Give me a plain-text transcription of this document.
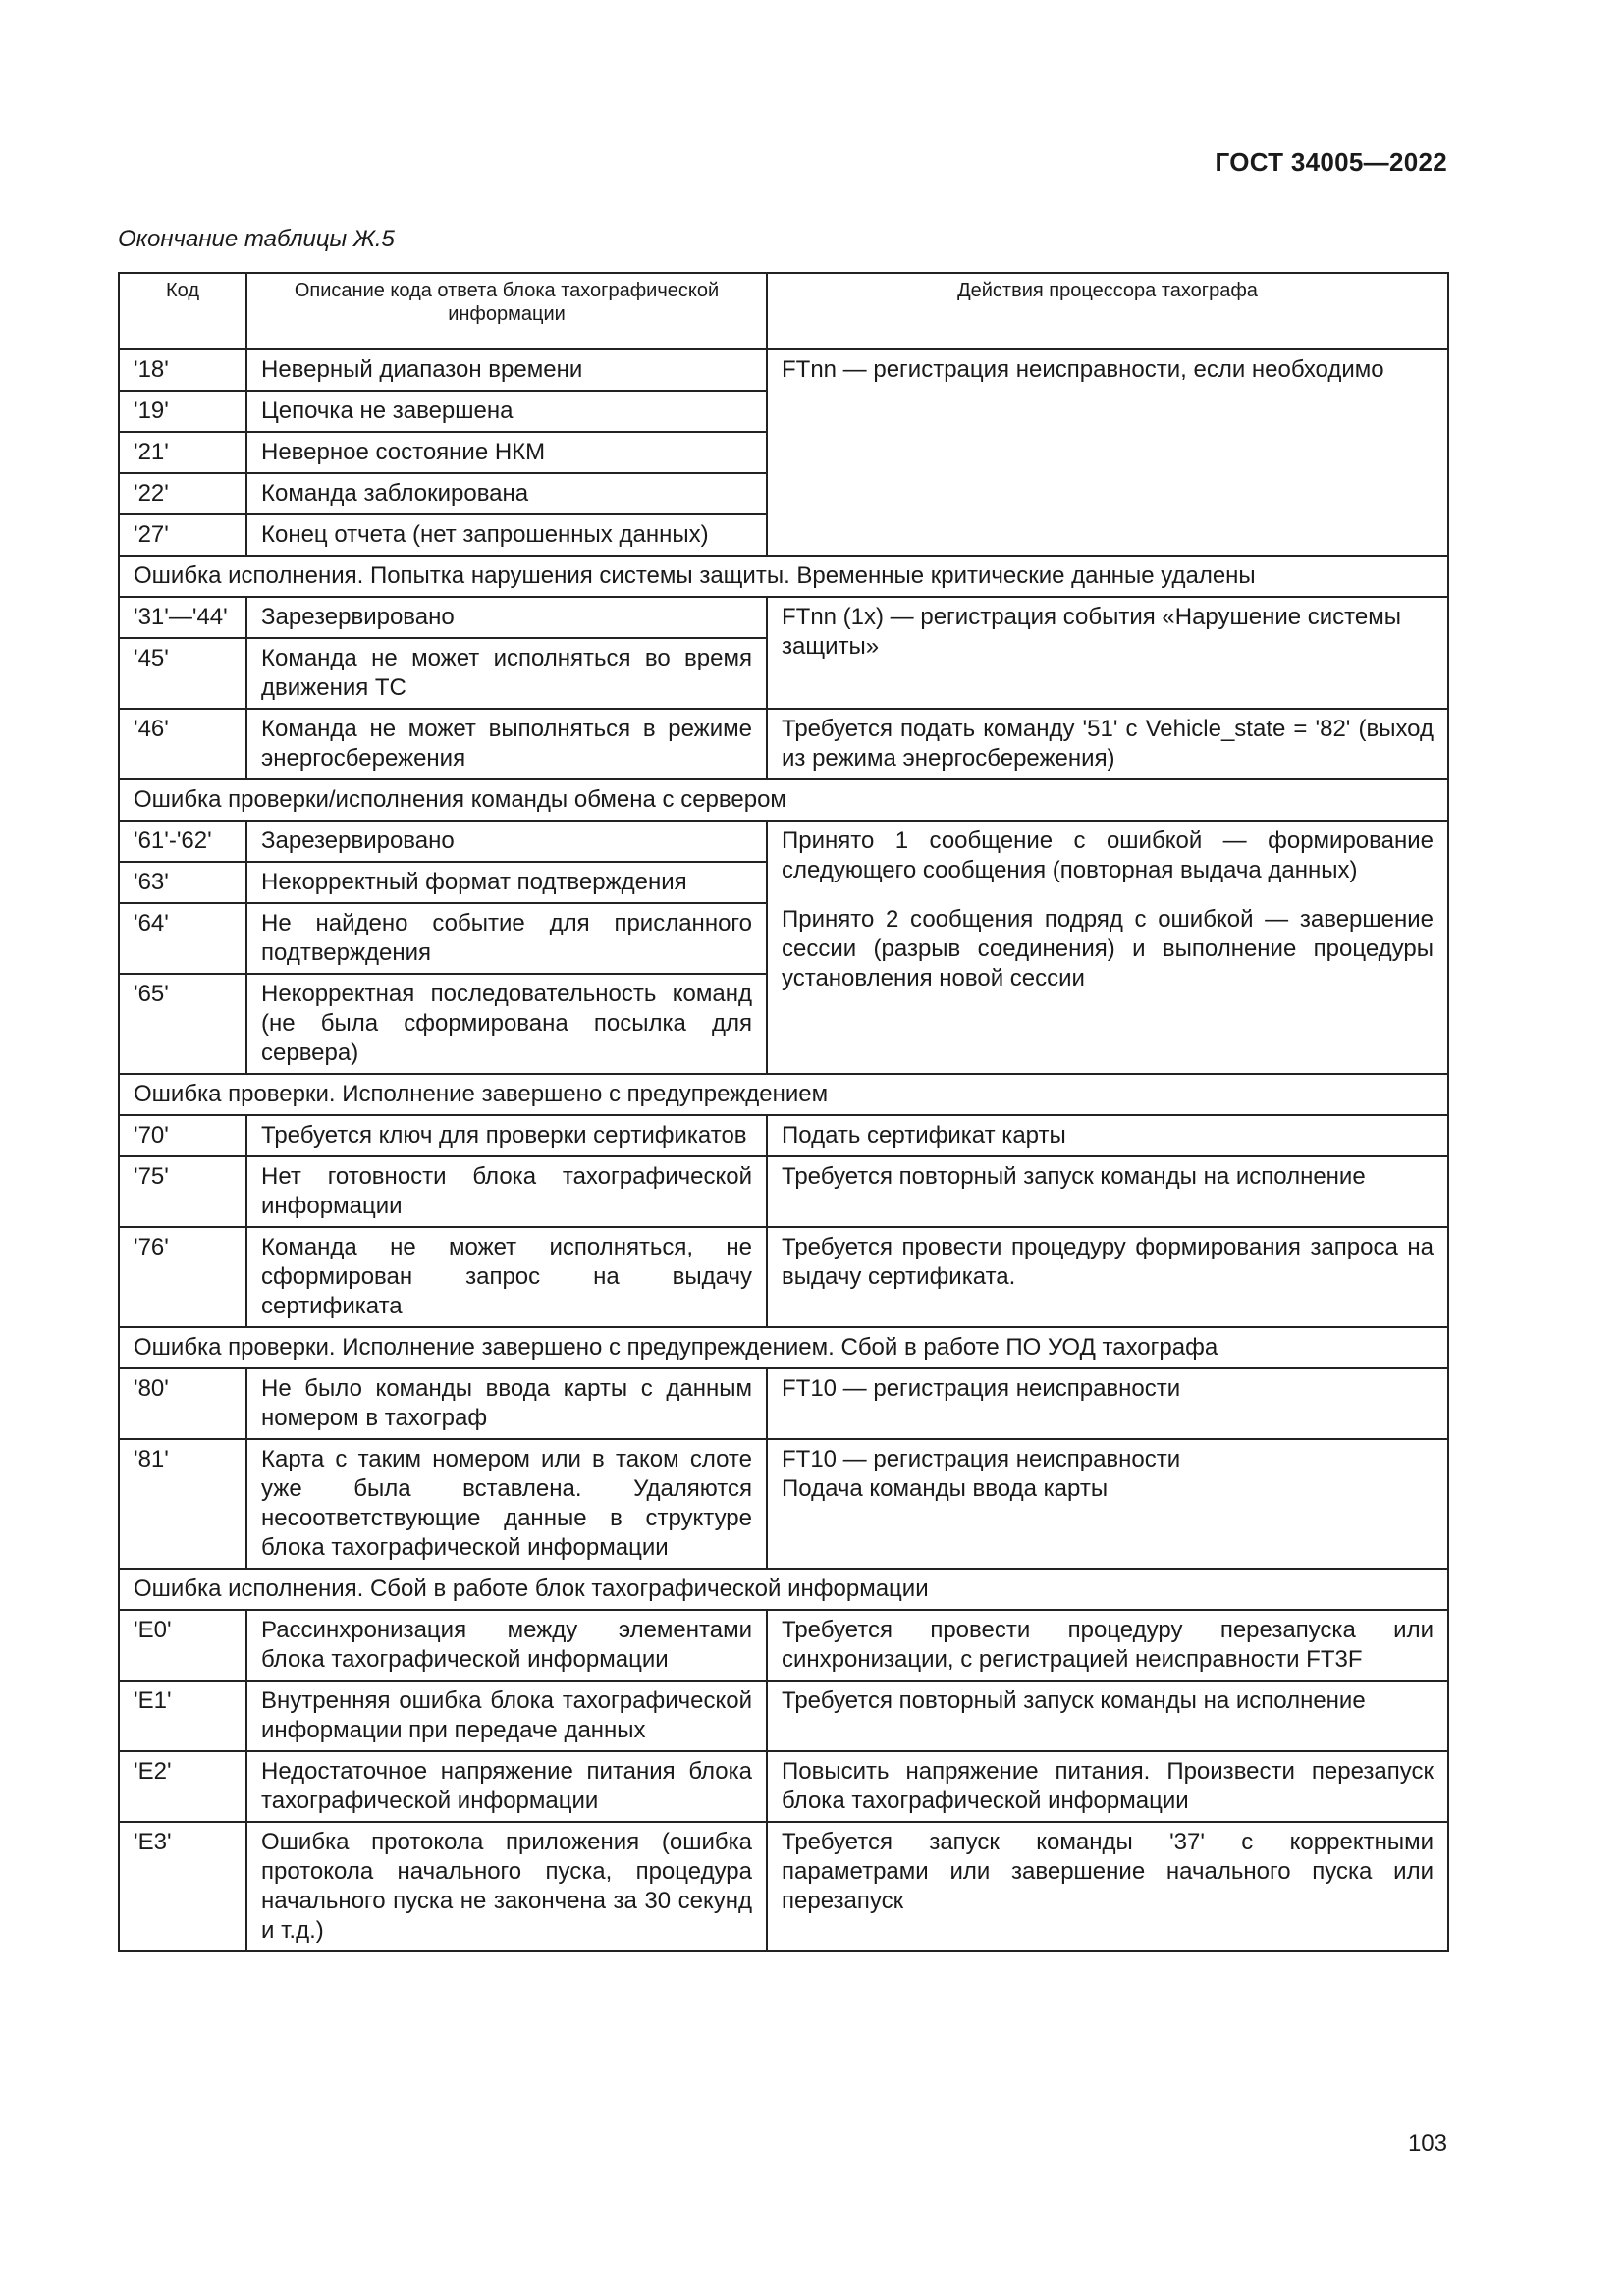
ГОСТ 34005—2022
Окончание таблицы Ж.5
Код	Описание кода ответа блока тахографической информации	Действия процессора тахографа
'18'	Неверный диапазон времени	FTnn — регистрация неисправности, если необходимо
'19'	Цепочка не завершена	
'21'	Неверное состояние НКМ	
'22'	Команда заблокирована	
'27'	Конец отчета (нет запрошенных данных)	
Ошибка исполнения. Попытка нарушения системы защиты. Временные критические данные удалены		
'31'—'44'	Зарезервировано	FTnn (1x) — регистрация события «Нарушение системы защиты»
'45'	Команда не может исполняться во время движения ТС	
'46'	Команда не может выполняться в режиме энергосбережения	Требуется подать команду '51' с Vehicle_state = '82' (выход из режима энергосбережения)
Ошибка проверки/исполнения команды обмена с сервером		
'61'-'62'	Зарезервировано	Принято 1 сообщение с ошибкой — формирование следующего сообщения (повторная выдача данных)
Принято 2 сообщения подряд с ошибкой — завершение сессии (разрыв соединения) и выполнение процедуры установления новой сессии

'63'	Некорректный формат подтверждения	
'64'	Не найдено событие для присланного подтверждения	
'65'	Некорректная последовательность команд (не была сформирована посылка для сервера)	
Ошибка проверки. Исполнение завершено с предупреждением		
'70'	Требуется ключ для проверки сертификатов	Подать сертификат карты
'75'	Нет готовности блока тахографической информации	Требуется повторный запуск команды на исполнение
'76'	Команда не может исполняться, не сформирован запрос на выдачу сертификата	Требуется провести процедуру формирования запроса на выдачу сертификата.
Ошибка проверки. Исполнение завершено с предупреждением. Сбой в работе ПО УОД тахографа		
'80'	Не было команды ввода карты с данным номером в тахограф	FT10 — регистрация неисправности
'81'	Карта с таким номером или в таком слоте уже была вставлена. Удаляются несоответствующие данные в структуре блока тахографической информации	FT10 — регистрация неисправности
Подача команды ввода карты

Ошибка исполнения. Сбой в работе блок тахографической информации		
'E0'	Рассинхронизация между элементами блока тахографической информации	Требуется провести процедуру перезапуска или синхронизации, с регистрацией неисправности FT3F
'E1'	Внутренняя ошибка блока тахографической информации при передаче данных	Требуется повторный запуск команды на исполнение
'E2'	Недостаточное напряжение питания блока тахографической информации	Повысить напряжение питания. Произвести перезапуск блока тахографической информации
'E3'	Ошибка протокола приложения (ошибка протокола начального пуска, процедура начального пуска не закончена за 30 секунд и т.д.)	Требуется запуск команды '37' с корректными параметрами или завершение начального пуска или перезапуск
103
